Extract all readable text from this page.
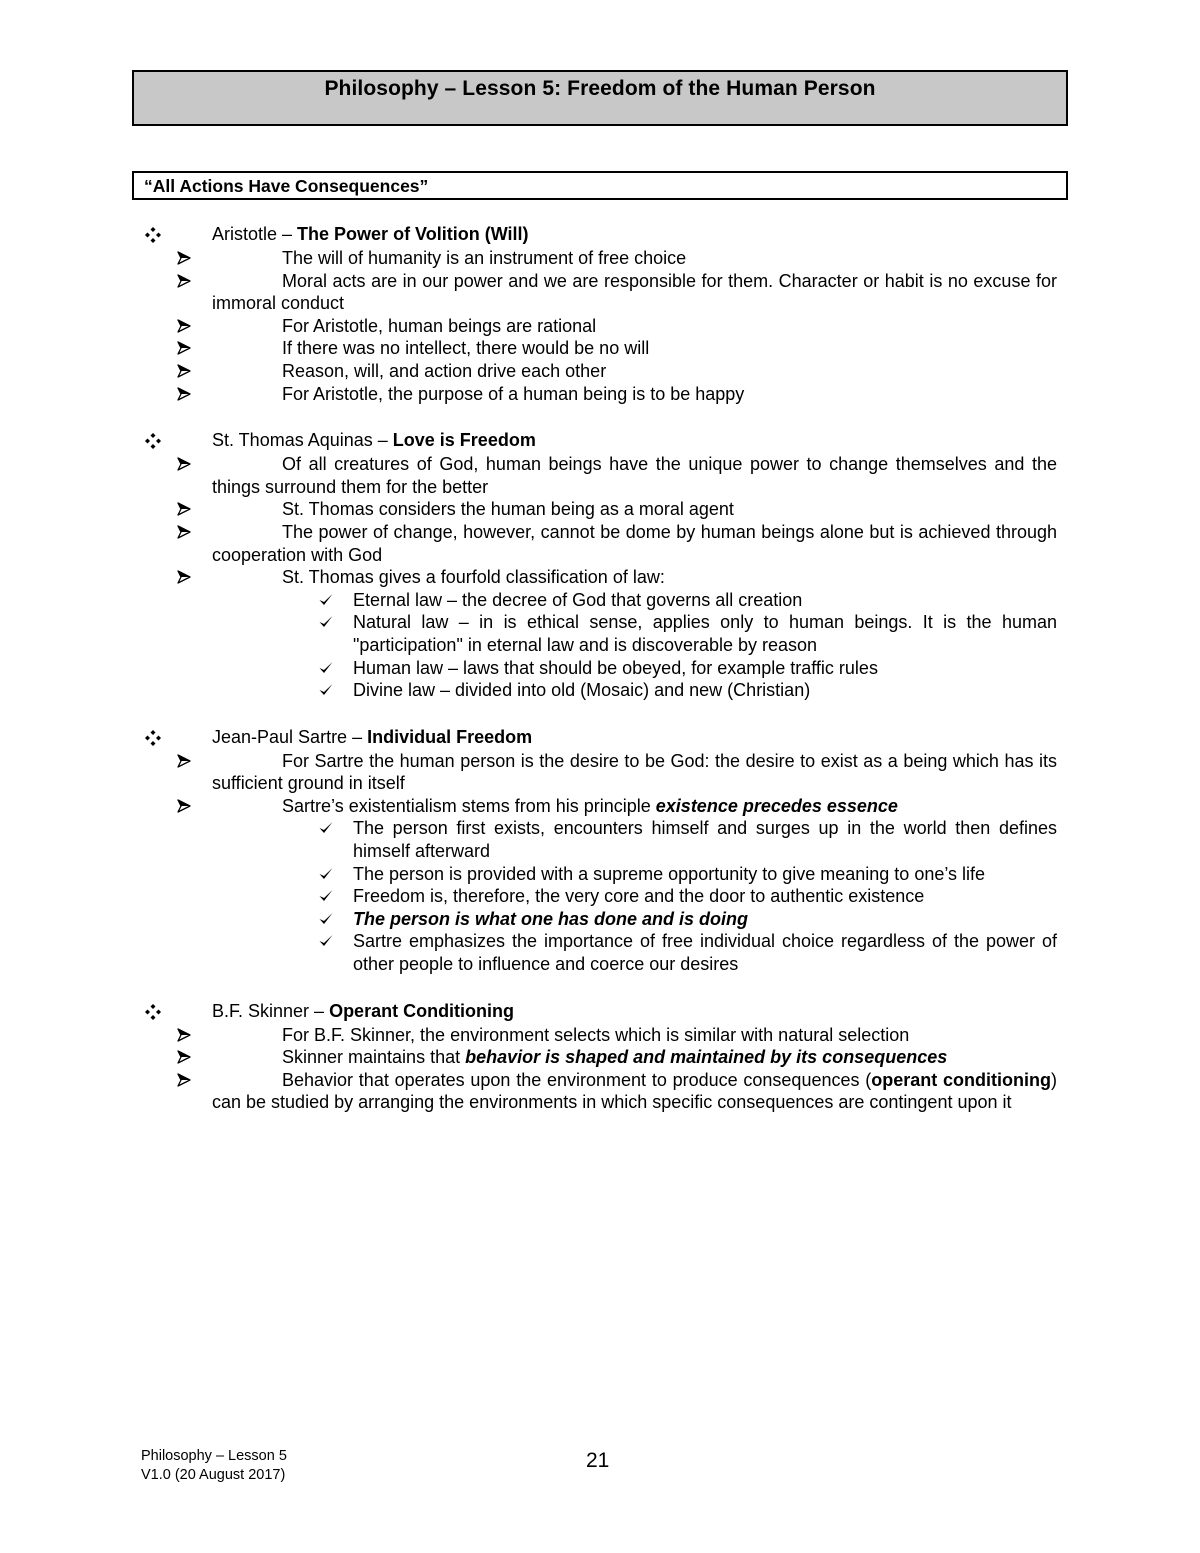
Philosophy – Lesson 5: Freedom of the Human Person
“All Actions Have Consequences”
Aristotle – The Power of Volition (Will)
The will of humanity is an instrument of free choice
Moral acts are in our power and we are responsible for them. Character or habit is no excuse for immoral conduct
For Aristotle, human beings are rational
If there was no intellect, there would be no will
Reason, will, and action drive each other
For Aristotle, the purpose of a human being is to be happy
St. Thomas Aquinas – Love is Freedom
Of all creatures of God, human beings have the unique power to change themselves and the things surround them for the better
St. Thomas considers the human being as a moral agent
The power of change, however, cannot be dome by human beings alone but is achieved through cooperation with God
St. Thomas gives a fourfold classification of law:
Eternal law – the decree of God that governs all creation
Natural law – in is ethical sense, applies only to human beings. It is the human "participation" in eternal law and is discoverable by reason
Human law – laws that should be obeyed, for example traffic rules
Divine law – divided into old (Mosaic) and new (Christian)
Jean-Paul Sartre – Individual Freedom
For Sartre the human person is the desire to be God: the desire to exist as a being which has its sufficient ground in itself
Sartre’s existentialism stems from his principle existence precedes essence
The person first exists, encounters himself and surges up in the world then defines himself afterward
The person is provided with a supreme opportunity to give meaning to one’s life
Freedom is, therefore, the very core and the door to authentic existence
The person is what one has done and is doing
Sartre emphasizes the importance of free individual choice regardless of the power of other people to influence and coerce our desires
B.F. Skinner – Operant Conditioning
For B.F. Skinner, the environment selects which is similar with natural selection
Skinner maintains that behavior is shaped and maintained by its consequences
Behavior that operates upon the environment to produce consequences (operant conditioning) can be studied by arranging the environments in which specific consequences are contingent upon it
Philosophy – Lesson 5
V1.0 (20 August 2017)
21
